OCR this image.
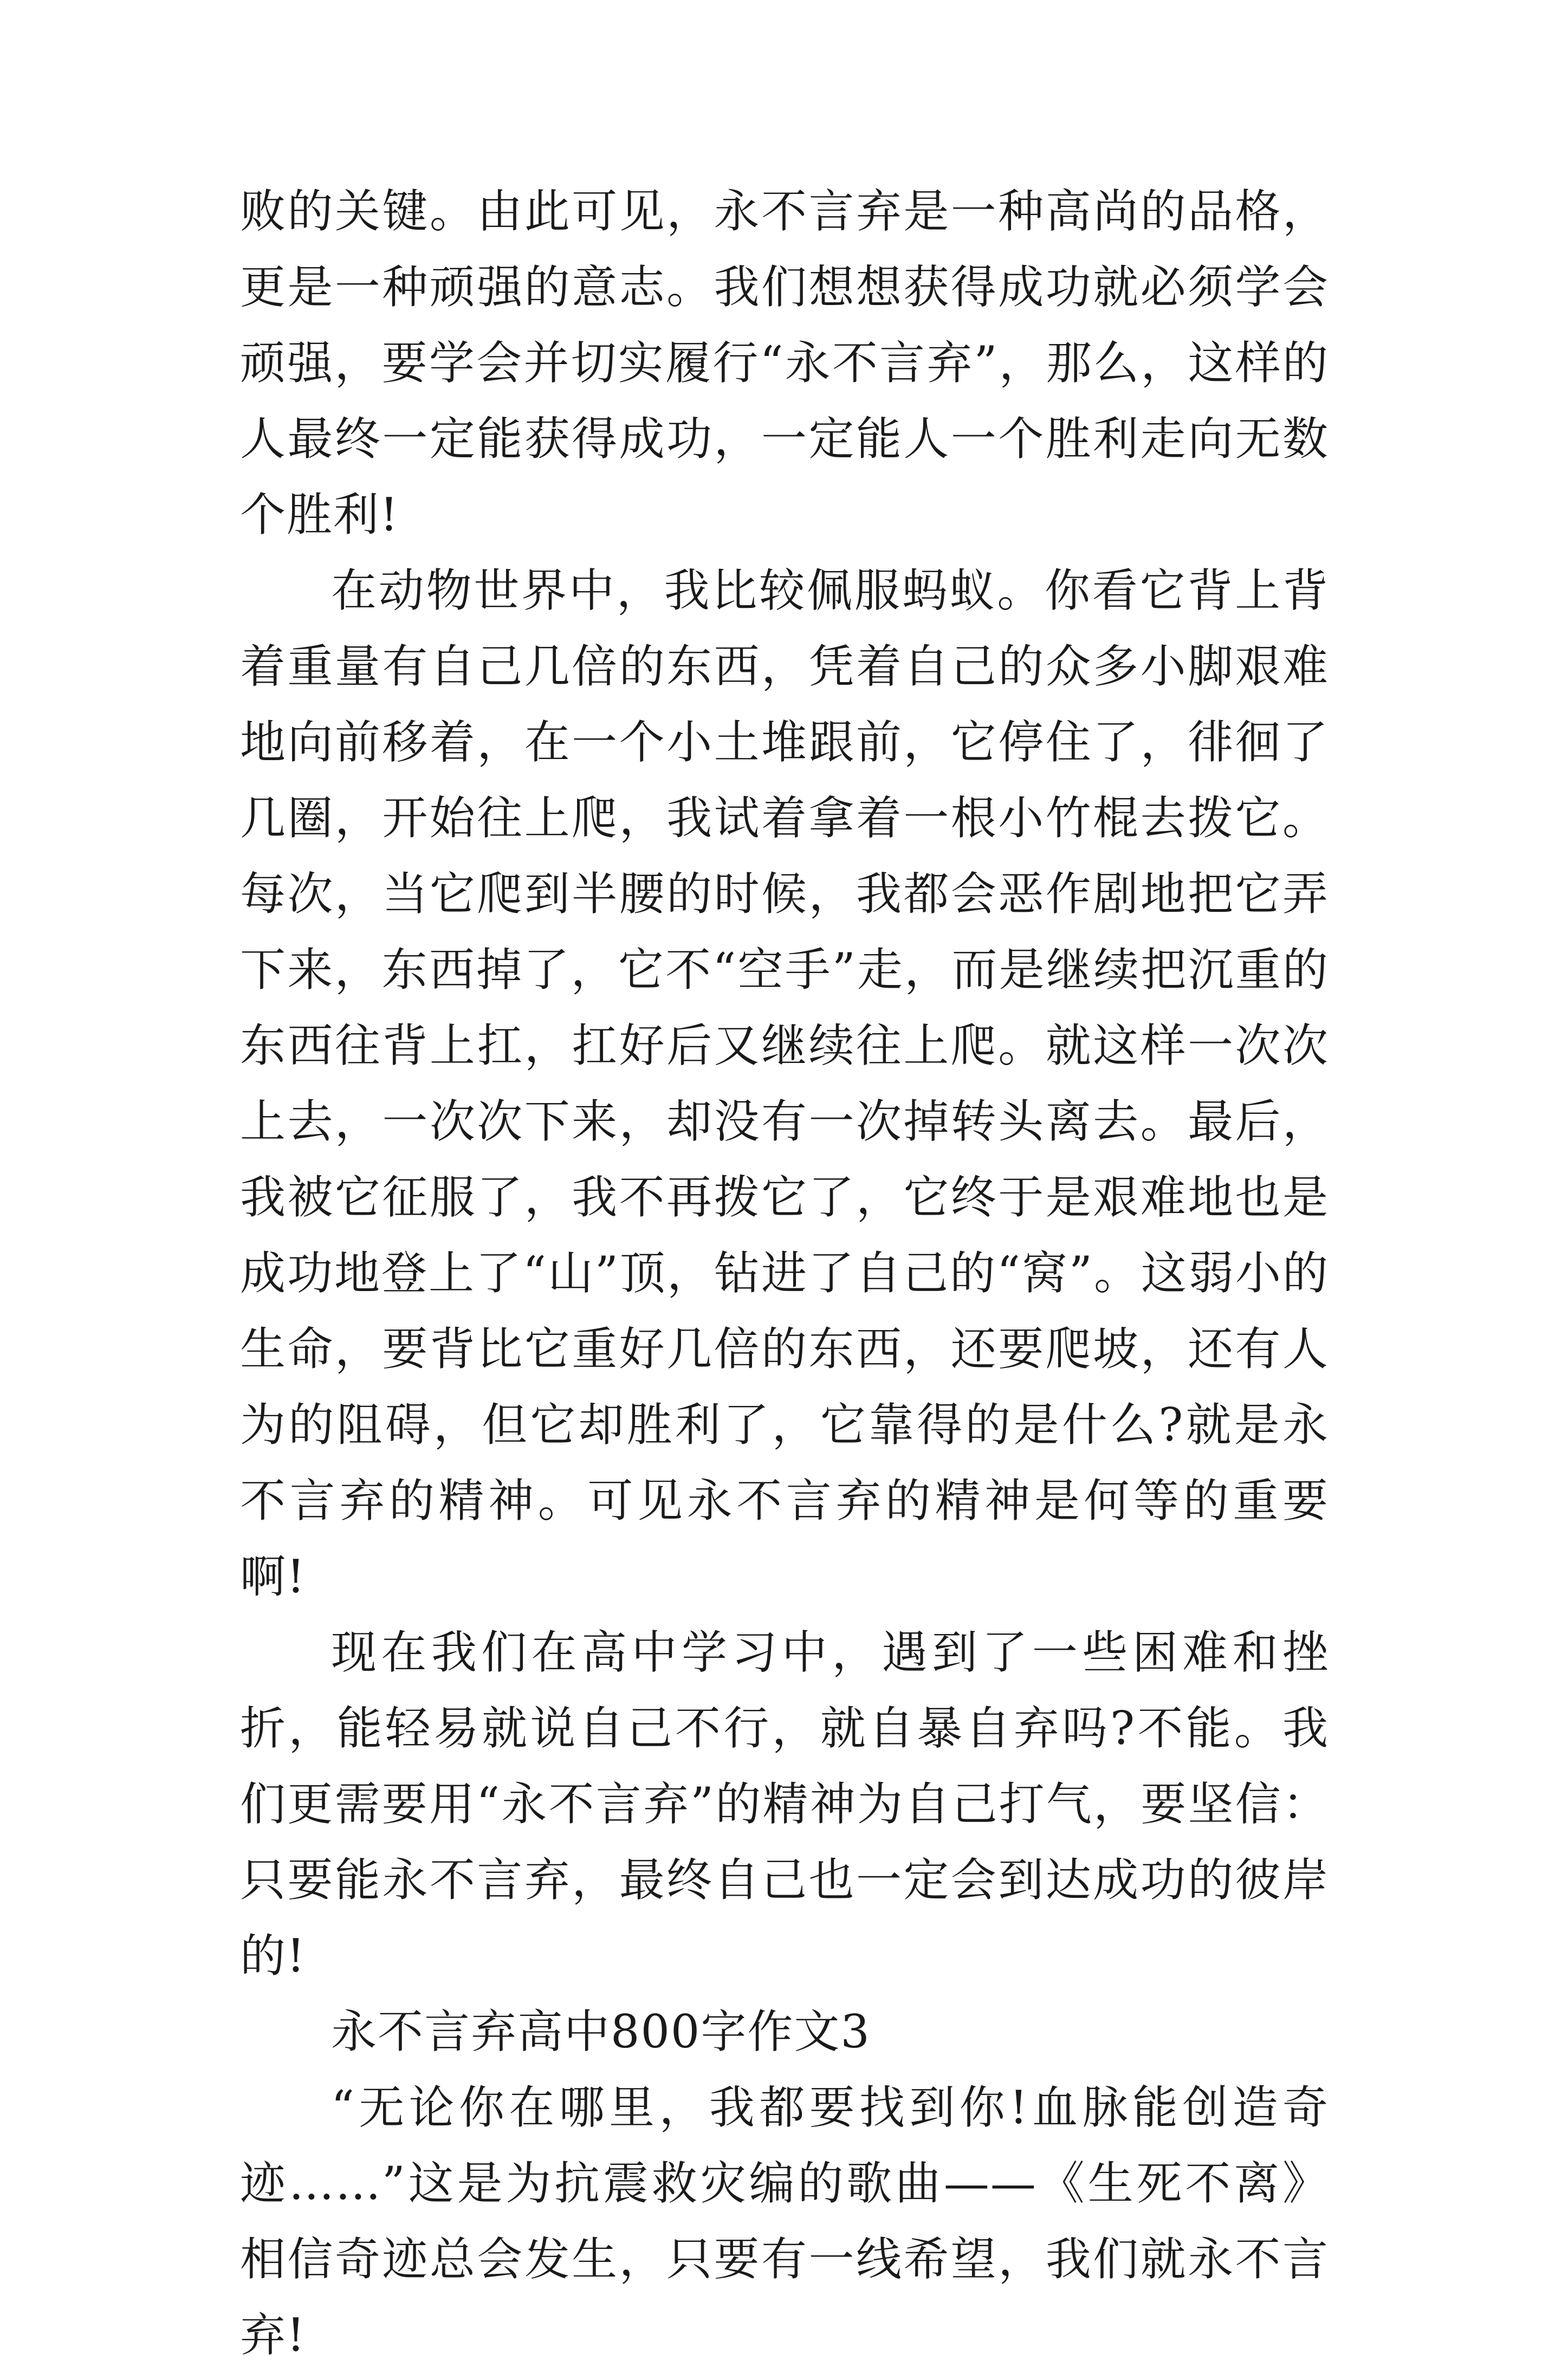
败的关键。由此可见，永不言弃是一种高尚的品格，更是一种顽强的意志。我们想想获得成功就必须学会顽强，要学会并切实履行“永不言弃”，那么，这样的人最终一定能获得成功，一定能人一个胜利走向无数个胜利!

在动物世界中，我比较佩服蚂蚁。你看它背上背着重量有自己几倍的东西，凭着自己的众多小脚艰难地向前移着，在一个小土堆跟前，它停住了，徘徊了几圈，开始往上爬，我试着拿着一根小竹棍去拨它。每次，当它爬到半腰的时候，我都会恶作剧地把它弄下来，东西掉了，它不“空手”走，而是继续把沉重的东西往背上扛，扛好后又继续往上爬。就这样一次次上去，一次次下来，却没有一次掉转头离去。最后，我被它征服了，我不再拨它了，它终于是艰难地也是成功地登上了“山”顶，钻进了自己的“窝”。这弱小的生命，要背比它重好几倍的东西，还要爬坡，还有人为的阻碍，但它却胜利了，它靠得的是什么?就是永不言弃的精神。可见永不言弃的精神是何等的重要啊!

现在我们在高中学习中，遇到了一些困难和挫折，能轻易就说自己不行，就自暴自弃吗?不能。我们更需要用“永不言弃”的精神为自己打气，要坚信：只要能永不言弃，最终自己也一定会到达成功的彼岸的!

永不言弃高中800字作文3

“无论你在哪里，我都要找到你!血脉能创造奇迹……”这是为抗震救灾编的歌曲——《生死不离》相信奇迹总会发生，只要有一线希望，我们就永不言弃!
